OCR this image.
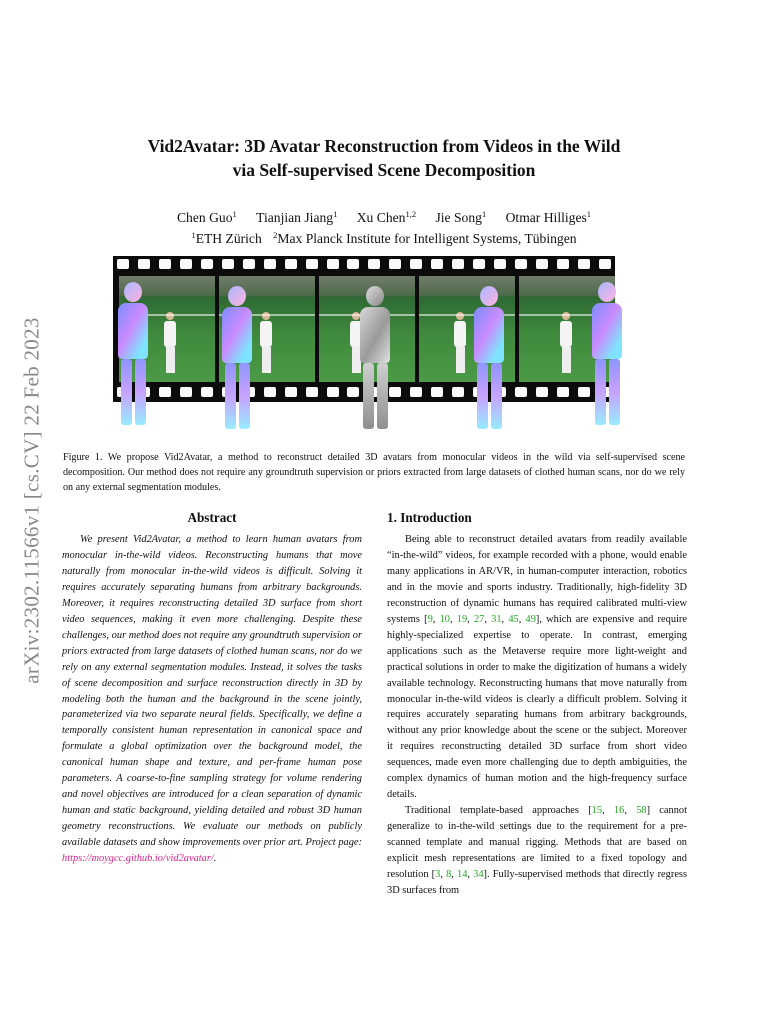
arXiv:2302.11566v1 [cs.CV] 22 Feb 2023
Vid2Avatar: 3D Avatar Reconstruction from Videos in the Wild
via Self-supervised Scene Decomposition
Chen Guo$^1$ Tianjian Jiang$^1$ Xu Chen$^{1,2}$ Jie Song$^1$ Otmar Hilliges$^1$
$^1$ETH Zürich $^2$Max Planck Institute for Intelligent Systems, Tübingen
Figure 1. We propose Vid2Avatar, a method to reconstruct detailed 3D avatars from monocular videos in the wild via self-supervised scene decomposition. Our method does not require any groundtruth supervision or priors extracted from large datasets of clothed human scans, nor do we rely on any external segmentation modules.
Abstract

We present Vid2Avatar, a method to learn human avatars from monocular in-the-wild videos. Reconstructing humans that move naturally from monocular in-the-wild videos is difficult. Solving it requires accurately separating humans from arbitrary backgrounds. Moreover, it requires reconstructing detailed 3D surface from short video sequences, making it even more challenging. Despite these challenges, our method does not require any groundtruth supervision or priors extracted from large datasets of clothed human scans, nor do we rely on any external segmentation modules. Instead, it solves the tasks of scene decomposition and surface reconstruction directly in 3D by modeling both the human and the background in the scene jointly, parameterized via two separate neural fields. Specifically, we define a temporally consistent human representation in canonical space and formulate a global optimization over the background model, the canonical human shape and texture, and per-frame human pose parameters. A coarse-to-fine sampling strategy for volume rendering and novel objectives are introduced for a clean separation of dynamic human and static background, yielding detailed and robust 3D human geometry reconstructions. We evaluate our methods on publicly available datasets and show improvements over prior art. Project page: https://moygcc.github.io/vid2avatar/.

1. Introduction

Being able to reconstruct detailed avatars from readily available “in-the-wild” videos, for example recorded with a phone, would enable many applications in AR/VR, in human-computer interaction, robotics and in the movie and sports industry. Traditionally, high-fidelity 3D reconstruction of dynamic humans has required calibrated multi-view systems [9, 10, 19, 27, 31, 45, 49], which are expensive and require highly-specialized expertise to operate. In contrast, emerging applications such as the Metaverse require more light-weight and practical solutions in order to make the digitization of humans a widely available technology. Reconstructing humans that move naturally from monocular in-the-wild videos is clearly a difficult problem. Solving it requires accurately separating humans from arbitrary backgrounds, without any prior knowledge about the scene or the subject. Moreover it requires reconstructing detailed 3D surface from short video sequences, made even more challenging due to depth ambiguities, the complex dynamics of human motion and the high-frequency surface details.

Traditional template-based approaches [15, 16, 58] cannot generalize to in-the-wild settings due to the requirement for a pre-scanned template and manual rigging. Methods that are based on explicit mesh representations are limited to a fixed topology and resolution [3, 8, 14, 34]. Fully-supervised methods that directly regress 3D surfaces from
